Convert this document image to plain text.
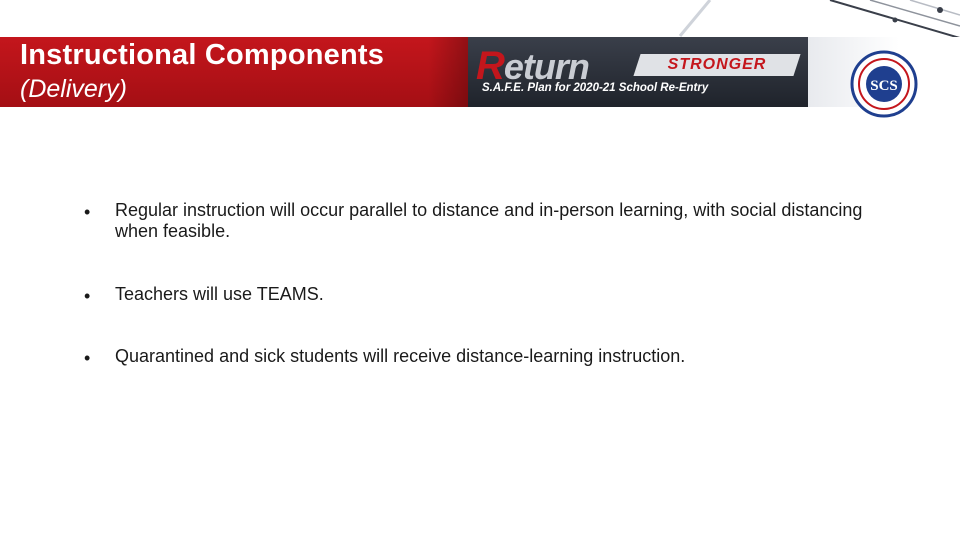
Instructional Components
(Delivery)
Return	STRONGER
S.A.F.E. Plan for 2020-21 School Re-Entry	SCS
• Regular instruction will occur parallel to distance and in-person learning, with social distancing when feasible.
• Teachers will use TEAMS.
• Quarantined and sick students will receive distance-learning instruction.
